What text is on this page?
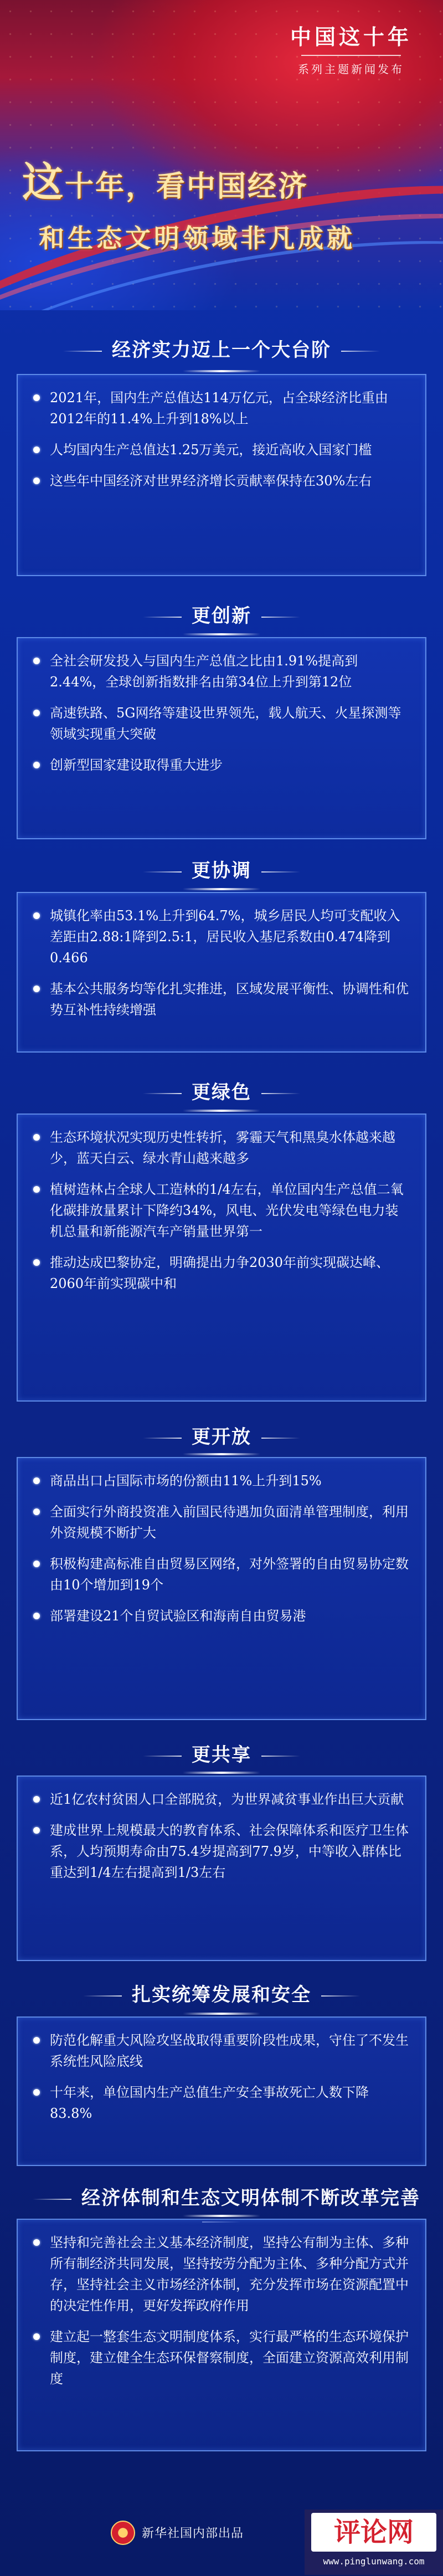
中国这十年

系列主题新闻发布

这十年，看中国经济

和生态文明领域非凡成就

经济实力迈上一个大台阶
2021年，国内生产总值达114万亿元，占全球经济比重由2012年的11.4%上升到18%以上
人均国内生产总值达1.25万美元，接近高收入国家门槛
这些年中国经济对世界经济增长贡献率保持在30%左右
更创新
全社会研发投入与国内生产总值之比由1.91%提高到2.44%，全球创新指数排名由第34位上升到第12位
高速铁路、5G网络等建设世界领先，载人航天、火星探测等领域实现重大突破
创新型国家建设取得重大进步
更协调
城镇化率由53.1%上升到64.7%，城乡居民人均可支配收入差距由2.88:1降到2.5:1，居民收入基尼系数由0.474降到0.466
基本公共服务均等化扎实推进，区域发展平衡性、协调性和优势互补性持续增强
更绿色
生态环境状况实现历史性转折，雾霾天气和黑臭水体越来越少，蓝天白云、绿水青山越来越多
植树造林占全球人工造林的1/4左右，单位国内生产总值二氧化碳排放量累计下降约34%，风电、光伏发电等绿色电力装机总量和新能源汽车产销量世界第一
推动达成巴黎协定，明确提出力争2030年前实现碳达峰、2060年前实现碳中和
更开放
商品出口占国际市场的份额由11%上升到15%
全面实行外商投资准入前国民待遇加负面清单管理制度，利用外资规模不断扩大
积极构建高标准自由贸易区网络，对外签署的自由贸易协定数由10个增加到19个
部署建设21个自贸试验区和海南自由贸易港
更共享
近1亿农村贫困人口全部脱贫，为世界减贫事业作出巨大贡献
建成世界上规模最大的教育体系、社会保障体系和医疗卫生体系，人均预期寿命由75.4岁提高到77.9岁，中等收入群体比重达到1/4左右提高到1/3左右
扎实统筹发展和安全
防范化解重大风险攻坚战取得重要阶段性成果，守住了不发生系统性风险底线
十年来，单位国内生产总值生产安全事故死亡人数下降83.8%
经济体制和生态文明体制不断改革完善
坚持和完善社会主义基本经济制度，坚持公有制为主体、多种所有制经济共同发展，坚持按劳分配为主体、多种分配方式并存，坚持社会主义市场经济体制，充分发挥市场在资源配置中的决定性作用，更好发挥政府作用
建立起一整套生态文明制度体系，实行最严格的生态环境保护制度，建立健全生态环保督察制度，全面建立资源高效利用制度
新华社国内部出品	评论网
www.pinglunwang.com
